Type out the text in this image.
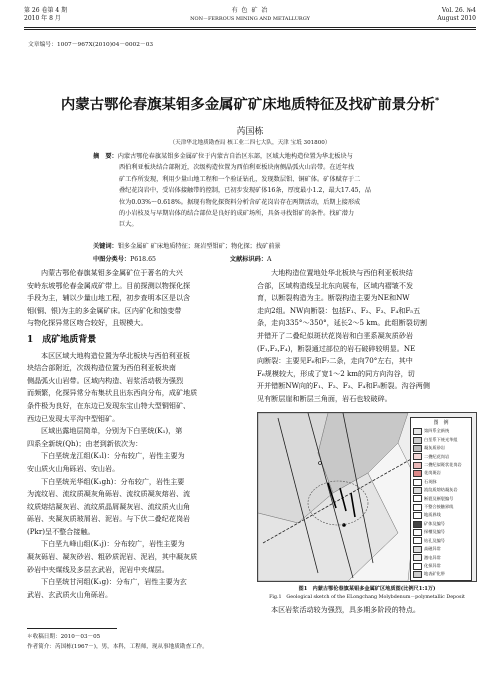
第 26 卷第 4 期
2010 年 8 月
有 色 矿 冶
NON－FERROUS MINING AND METALLURGY
Vol. 26. №4
August 2010
文章编号：1007－967X(2010)04－0002－03
内蒙古鄂伦春旗某钼多金属矿矿床地质特征及找矿前景分析*
芮国栋
（天津华北地质勘查局 核工业二四七大队，天津 宝坻 301800）
摘　要：内蒙古鄂伦春旗某钼多金属矿位于内蒙古自治区东部，区域大地构造位置为华北板块与
西伯利亚板块结合部附近，次级构造位置为西伯利亚板块南侧晶弧火山岩带。在近年找
矿工作所发现，利用少量山地工程和一个验证钻孔，发现数层钼、铜矿体。矿体赋存于二
叠纪花岗岩中，受岩体接触带的控制，已初步发现矿体16条，厚度最小1.2，最大17.45，品
位为0.03%～0.618%。据现有物化探资料分析含矿花岗岩存在两期活动，后期上接形成
的小岩枝及与早期岩体的结合部位是良好的成矿场所，具备寻找钼矿的条件。找矿潜力
巨大。
关键词：钼多金属矿 矿床地质特征；斑岩型钼矿；物化探；找矿前景
中图分类号：P618.65	文献标识码：A
内蒙古鄂伦春旗某钼多金属矿位于著名的大兴
安岭东坡鄂伦春金属成矿带上。目前探测以物探化探
手段为主，辅以少量山地工程，初步查明本区是以含
钼(铜、银)为主的多金属矿床。区内矿化和蚀变带
与物化探异常区吻合较好，且规模大。
1　成矿地质背景
本区区域大地构造位置为华北板块与西伯利亚板
块结合部附近，次级构造位置为西伯利亚板块南
侧晶弧火山岩带。区域内构造、岩浆活动极为强烈
而频繁，化探异常分布集状且出东西向分布，成矿地质
条件极为良好，在东边已发现东宝山特大型铜钼矿、
西边已发现太平沟中型钼矿。
区域出露地层简单，分别为下白垩统(K₁)，第
四系全新统(Qh)；由老到新依次为：
下白垩统龙江组(K₁l)：分布较广，岩性主要为
安山质火山角砾岩、安山岩。
下白垩统光华组(K₁gh)：分布较广，岩性主要
为流纹岩、流纹质凝灰角砾岩、流纹质凝灰熔岩、流
纹质熔结凝灰岩、流纹质晶屑凝灰岩、流纹质火山角
砾岩、夹凝灰质玻屑岩、泥岩。与下伏二叠纪花岗岩
(Pkr)呈不整合接触。
下白垩九峰山组(K₁j)：分布较广，岩性主要为
凝灰砾岩、凝灰砂岩、粗砂质泥岩、泥岩，其中凝灰质
砂岩中夹煤线及多层玄武岩，泥岩中夹煤层。
下白垩统甘河组(K₁g)：分布广，岩性主要为玄
武岩、玄武质火山角砾岩。
＊收稿日期：2010－03－05
作者简介：芮国栋(1967－)，男，本科，工程师，现从事地质勘查工作。
大地构造位置地处华北板块与西伯利亚板块结
合部，区域构造线呈北东向展布，区域内褶皱不发
育，以断裂构造为主。断裂构造主要为NE和NW
走向2组。NW向断裂：包括F₁、F₂、F₃、F₄和F₅五
条，走向335°～350°，延长2～5 km。此组断裂切割
并错开了二叠纪似斑状花岗岩和白垩系凝灰质砂岩
(F₁,F₂,F₄)，断裂通过部位的岩石破碎较明显。NE
向断裂：主要见F₆和F₇二条，走向70°左右，其中
F₆规模较大，形成了宽1～2 km的同方向沟谷，切
开并错断NW向的F₁、F₂、F₃、F₄和F₅断裂。沟谷两侧
见有断层崖和断层三角面，岩石也较破碎。
图　例
第四系全新统
白垩系下统光华组
凝灰质砂岩
二叠纪花岗岩
二叠纪似斑状花岗岩
花岗斑岩
石英脉
流纹质熔结凝灰岩
断裂及断裂编号
不整合接触界线
地质界线
矿体及编号
探槽及编号
钻孔及编号
高磁异常
激电异常
化探异常
地表矿化带
图1　内蒙古鄂伦春旗某钼多金属矿区地质图(比例尺1:1万)
Fig.1　Geological sketch of the ELongchang Molybdenum－polymetallic Deposit
本区岩浆活动较为强烈，具多期多阶段的特点。
